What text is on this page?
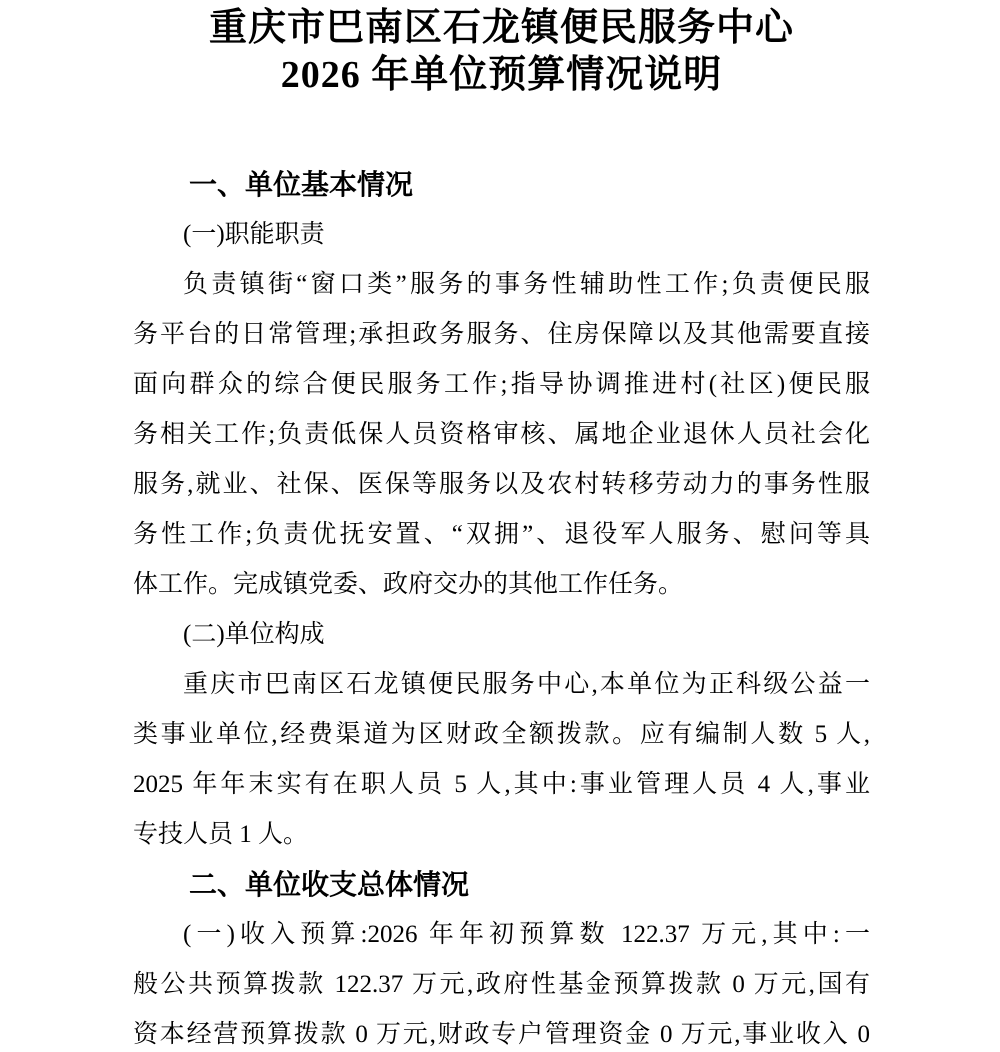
重庆市巴南区石龙镇便民服务中心
2026 年单位预算情况说明
一、单位基本情况
(一)职能职责
负责镇街“窗口类”服务的事务性辅助性工作;负责便民服
务平台的日常管理;承担政务服务、住房保障以及其他需要直接
面向群众的综合便民服务工作;指导协调推进村(社区)便民服
务相关工作;负责低保人员资格审核、属地企业退休人员社会化
服务,就业、社保、医保等服务以及农村转移劳动力的事务性服
务性工作;负责优抚安置、“双拥”、退役军人服务、慰问等具
体工作。完成镇党委、政府交办的其他工作任务。
(二)单位构成
重庆市巴南区石龙镇便民服务中心,本单位为正科级公益一
类事业单位,经费渠道为区财政全额拨款。应有编制人数 5 人,
2025 年年末实有在职人员 5 人,其中:事业管理人员 4 人,事业
专技人员 1 人。
二、单位收支总体情况
(一)收入预算:2026 年年初预算数 122.37 万元,其中:一
般公共预算拨款 122.37 万元,政府性基金预算拨款 0 万元,国有
资本经营预算拨款 0 万元,财政专户管理资金 0 万元,事业收入 0
